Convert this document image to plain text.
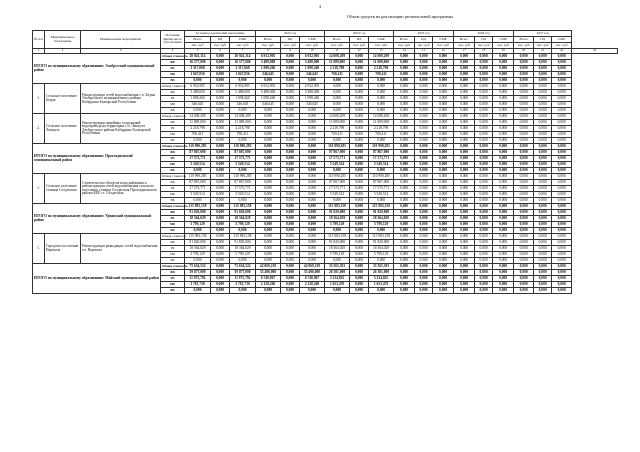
4
Объем средств на реализацию региональной программы
№ п/п	Муниципальное образование	Наименование мероприятия	Источник финансового обеспечения	За период реализации программы			2022 год			2024 год			2025 год			2026 год			2027 год			
				Всего	ПД	СМР	Всего	ПД	СМР	Всего	ПД	СМР	Всего	ПД	СМР	Всего	ПД	СМР	Всего	ПД	СМР	
				тыс. руб	тыс. руб	тыс. руб	тыс. руб	тыс. руб	тыс. руб	тыс. руб	тыс. руб	тыс. руб	тыс. руб	тыс. руб	тыс. руб	тыс. руб	тыс. руб	тыс. руб	тыс. руб	тыс. руб	тыс. руб	
1	2	3	4	5	6	7	8	9	10	11	12	13	14	15	16	17	18	19	20	21	22	23
ИТОГО по муниципальному образованию: Эльбрусский муниципальный район			Общая стоимость	20 941,114	0,000	20 941,114	6 932,905	0,000	6 932,905	14 008,209	0,000	14 008,209	0,000	0,000	0,000	0,000	0,000	0,000	0,000	0,000	0,000	
			ФБ	16 577,000	0,000	16 577,000	5 488,000	0,000	5 488,000	11 089,000	0,000	11 089,000	0,000	0,000	0,000	0,000	0,000	0,000	0,000	0,000	0,000	
			РБ	3 317,068	0,000	3 317,068	1 098,260	0,000	1 098,260	2 218,798	0,000	2 218,798	0,000	0,000	0,000	0,000	0,000	0,000	0,000	0,000	0,000	
			МБ	1 047,056	0,000	1 047,056	346,645	0,000	346,645	700,411	0,000	700,411	0,000	0,000	0,000	0,000	0,000	0,000	0,000	0,000	0,000	
			ВБ	0,000	0,000	0,000	0,000	0,000	0,000	0,000	0,000	0,000	0,000	0,000	0,000	0,000	0,000	0,000	0,000	0,000	0,000	
1.	Сельское поселение Бедык	Реконструкция сетей водоснабжения с.п. Бедык Эльбрусского муниципального района Кабардино-Балкарской Республики	Общая стоимость	6 932,905	0,000	6 932,905	6 932,905	0,000	6 932,905	0,000	0,000	0,000	0,000	0,000	0,000	0,000	0,000	0,000	0,000	0,000	0,000	
			ФБ	5 488,000	0,000	5 488,000	5 488,000	0,000	5 488,000	0,000	0,000	0,000	0,000	0,000	0,000	0,000	0,000	0,000	0,000	0,000	0,000	
			РБ	1 098,260	0,000	1 098,260	1 098,260	0,000	1 098,260	0,000	0,000	0,000	0,000	0,000	0,000	0,000	0,000	0,000	0,000	0,000	0,000	
			МБ	346,645	0,000	346,645	346,645	0,000	346,645	0,000	0,000	0,000	0,000	0,000	0,000	0,000	0,000	0,000	0,000	0,000	0,000	
			ВБ	0,000	0,000	0,000	0,000	0,000	0,000	0,000	0,000	0,000	0,000	0,000	0,000	0,000	0,000	0,000	0,000	0,000	0,000	
2.	Сельское поселение Лашкута	Реконструкция линейных сооружений водопровода на территории с.п. Лашкута Эльбрусского района Кабардино-Балкарской Республики	Общая стоимость	14 008,209	0,000	14 008,209	0,000	0,000	0,000	14 008,209	0,000	14 008,209	0,000	0,000	0,000	0,000	0,000	0,000	0,000	0,000	0,000	
			ФБ	11 089,000	0,000	11 089,000	0,000	0,000	0,000	11 089,000	0,000	11 089,000	0,000	0,000	0,000	0,000	0,000	0,000	0,000	0,000	0,000	
			РБ	2 218,798	0,000	2 218,798	0,000	0,000	0,000	2 218,798	0,000	2 218,798	0,000	0,000	0,000	0,000	0,000	0,000	0,000	0,000	0,000	
			МБ	700,411	0,000	700,411	0,000	0,000	0,000	700,411	0,000	700,411	0,000	0,000	0,000	0,000	0,000	0,000	0,000	0,000	0,000	
			ВБ	0,000	0,000	0,000	0,000	0,000	0,000	0,000	0,000	0,000	0,000	0,000	0,000	0,000	0,000	0,000	0,000	0,000	0,000	
ИТОГО по муниципальному образованию: Прохладненский муниципальный район			Общая стоимость	110 990,285	0,000	110 990,285	0,000	0,000	0,000	110 990,285	0,000	110 990,285	0,000	0,000	0,000	0,000	0,000	0,000	0,000	0,000	0,000	
			ФБ	87 867,000	0,000	87 867,000	0,000	0,000	0,000	87 867,000	0,000	87 867,000	0,000	0,000	0,000	0,000	0,000	0,000	0,000	0,000	0,000	
			РБ	17 573,771	0,000	17 573,771	0,000	0,000	0,000	17 573,771	0,000	17 573,771	0,000	0,000	0,000	0,000	0,000	0,000	0,000	0,000	0,000	
			МБ	5 549,514	0,000	5 549,514	0,000	0,000	0,000	5 549,514	0,000	5 549,514	0,000	0,000	0,000	0,000	0,000	0,000	0,000	0,000	0,000	
			ВБ	0,000	0,000	0,000	0,000	0,000	0,000	0,000	0,000	0,000	0,000	0,000	0,000	0,000	0,000	0,000	0,000	0,000	0,000	
1.	Сельское поселение станица Солдатская	Строительство объектов водоснабжения и реконструкция сетей водоснабжения сельского поселения станица Солдатская Прохладненского района КБР, ст. Солдатская	Общая стоимость	110 990,285	0,000	110 990,285	0,000	0,000	0,000	110 990,285	0,000	110 990,285	0,000	0,000	0,000	0,000	0,000	0,000	0,000	0,000	0,000	
			ФБ	87 867,000	0,000	87 867,000	0,000	0,000	0,000	87 867,000	0,000	87 867,000	0,000	0,000	0,000	0,000	0,000	0,000	0,000	0,000	0,000	
			РБ	17 573,771	0,000	17 573,771	0,000	0,000	0,000	17 573,771	0,000	17 573,771	0,000	0,000	0,000	0,000	0,000	0,000	0,000	0,000	0,000	
			МБ	5 549,514	0,000	5 549,514	0,000	0,000	0,000	5 549,514	0,000	5 549,514	0,000	0,000	0,000	0,000	0,000	0,000	0,000	0,000	0,000	
			ВБ	0,000	0,000	0,000	0,000	0,000	0,000	0,000	0,000	0,000	0,000	0,000	0,000	0,000	0,000	0,000	0,000	0,000	0,000	
ИТОГО по муниципальному образованию: Урванский муниципальный район			Общая стоимость	115 983,158	0,000	115 983,158	0,000	0,000	0,000	115 983,158	0,000	115 983,158	0,000	0,000	0,000	0,000	0,000	0,000	0,000	0,000	0,000	
			ФБ	91 820,000	0,000	91 820,000	0,000	0,000	0,000	91 820,000	0,000	91 820,000	0,000	0,000	0,000	0,000	0,000	0,000	0,000	0,000	0,000	
			РБ	18 364,029	0,000	18 364,029	0,000	0,000	0,000	18 364,029	0,000	18 364,029	0,000	0,000	0,000	0,000	0,000	0,000	0,000	0,000	0,000	
			МБ	5 799,129	0,000	5 799,129	0,000	0,000	0,000	5 799,129	0,000	5 799,129	0,000	0,000	0,000	0,000	0,000	0,000	0,000	0,000	0,000	
			ВБ	0,000	0,000	0,000	0,000	0,000	0,000	0,000	0,000	0,000	0,000	0,000	0,000	0,000	0,000	0,000	0,000	0,000	0,000	
1.	Городское поселение Нарткала	Реконструкция разводящих сетей водоснабжения г.п. Нарткала	Общая стоимость	115 983,158	0,000	115 983,158	0,000	0,000	0,000	115 983,158	0,000	115 983,158	0,000	0,000	0,000	0,000	0,000	0,000	0,000	0,000	0,000	
			ФБ	91 820,000	0,000	91 820,000	0,000	0,000	0,000	91 820,000	0,000	91 820,000	0,000	0,000	0,000	0,000	0,000	0,000	0,000	0,000	0,000	
			РБ	18 364,029	0,000	18 364,029	0,000	0,000	0,000	18 364,029	0,000	18 364,029	0,000	0,000	0,000	0,000	0,000	0,000	0,000	0,000	0,000	
			МБ	5 799,129	0,000	5 799,129	0,000	0,000	0,000	5 799,129	0,000	5 799,129	0,000	0,000	0,000	0,000	0,000	0,000	0,000	0,000	0,000	
			ВБ	0,000	0,000	0,000	0,000	0,000	0,000	0,000	0,000	0,000	0,000	0,000	0,000	0,000	0,000	0,000	0,000	0,000	0,000	
ИТОГО по муниципальному образованию: Майский муниципальный район			Общая стоимость	75 634,522	0,000	75 634,522	42 069,219	0,000	42 069,219	33 565,303	0,000	33 565,303	0,000	0,000	0,000	0,000	0,000	0,000	0,000	0,000	0,000	
			ФБ	59 877,000	0,000	59 877,000	33 496,000	0,000	33 496,000	26 381,000	0,000	26 381,000	0,000	0,000	0,000	0,000	0,000	0,000	0,000	0,000	0,000	
			РБ	11 975,792	0,000	11 975,792	6 740,967	0,000	6 740,967	5 234,825	0,000	5 234,825	0,000	0,000	0,000	0,000	0,000	0,000	0,000	0,000	0,000	
			МБ	3 781,730	0,000	3 781,730	2 128,260	0,000	2 128,260	1 653,470	0,000	1 653,470	0,000	0,000	0,000	0,000	0,000	0,000	0,000	0,000	0,000	
			ВБ	0,000	0,000	0,000	0,000	0,000	0,000	0,000	0,000	0,000	0,000	0,000	0,000	0,000	0,000	0,000	0,000	0,000	0,000	
